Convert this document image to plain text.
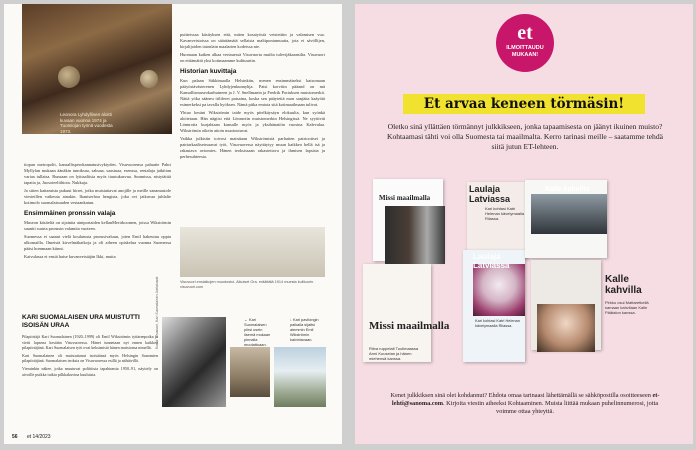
Leonora Lyhdyllinen aloitti kuvaan vuonna 1974 ja Tuomiojan työnä vuodesta 1973.

tiopan metropolit, kansallisperokannatusivykiyden. Visuvuorensa paluatte Pahri Myllylan mukaan äänäkin tumiksua, sabuaa, saastuaa, esenssa, rentalaja jatkittan variaa tullaisa. Runsaan on lyittaaliisia myös tiuutukasvua. Sunmissa, nisiytättiä tapatia ja, Juosoteeliihiota. Nukkuja.

Ja sitten kattamista pukuut hirret, jotka muistuttavat anojille ja meille sanamastole viesteillen vaikeuta ainakin. Ikaniserhoa hengista, joka ovi jatkuvaa juhlalie kotimolo suomalaisuuden vestaankatun.

Ensimmäinen pronssin valaja

Museon käsiteltä on sijaintia ainiportaiden kellanMerirkoomen, joissa Wikströmin sauniti suurta pronssin valamita vuoteen.

Suomessa ei saanut vielä koulutusta pronssivaluun, joten Emil hakeutuu oppia ulkomailla. Ilmeistä kirvelmäkatkoja ja oli aiheen opiskelua vuonna Suomessa pääsi hommaan kiinni.

Kaivulassa ei ensiä haise kuvanveistäjän Ikki, mutta

puitteissaa käsityksen että, miten kosaiyöstä veistettiin ja valamisen vuo. Kavanveistoissa on sääräämätä sellaisia maltipontumuutta, jota ei sävöllijen, kirjalijoiden tatonlain maalarien kodeissa nie.

Huomaan kaiken alkaa vertauessä Visuvuorta muilta tulevijäkaansilta. Visuvuori on eittämättä yksi kotimaamme kulttuuriin.

Historian kuvittaja

Kun palaan Säkkimaalla Helsinkiin, menen ensimmäiseksi katsomaan pääyöstävästerenen Lyhdyjenkunnyhja. Patsi korvitin pääand on mä Kansallismuseokarhuineen ja J. V. Snellmanin ja Fredrik Paciuksen muistomerkit. Näitä yöka sääneu tiiliferet patsaina, koska sen pääytettä mon sanjätta kaäyötä esimerkeksi pa tavalla hyöksen. Nämä pitka emiota sitä kotimaailmaan tulivat.

Yhtuo kesäni Wikströmin taide myös pitelkäysäyn elokuulta, kun syönkä aloitetaan. Hän nägtisi että Lönnrotin muistomerkin Helsingissä. Ne syyttivät Lönnrotia kurjahtaan kansalle myös ja yksihänatöin vuosina Kalevalaa. Wikströmin oikein aitoin muotoutuvat.

Vaikka julkisiin toivosi mainitaan Wikströmistä parhaiten patriootiset ja patriarkaalisetrsaavat työt, Visuvuoressa näyttäytyy muun kaikkea hellä isä ja rakastava aviomies. Hänen teoksissaan rakastettava ja ihmisen lapsista ja perhesuhteesta.

Visuvuori ensiaikojen muodostui. Aikuiset Ora. eräättälä 1914 muesta kulttuurin. visuvuori.com
KARI SUOMALAISEN URA MUISTUTTI ISOISÄN URAA

Pilapiirtäjä Kari Suomalainen (1920–1999) oli Emil Wikströmin tyttärenpoika ja vietti lapsena kesiään Visuvuoressa. Hänet tunnetaan nyt ennen kaikkea pilapiirtäjänä. Kari Suomalaisen työt ovat keksimisiä hänen muistonsa nimellä.

Kari Suomalainen oli muistuttanut isoisäänsä myös Helsingin Sanomien pilapiirtäjänä. Suomalaisen teoksia on Visuvuoressa esillä ja nähtävillä.

Vierainkin näkee, jotka muutuvat poliittisia tapahtumia 1950–91, näyttely on aivoille puikka tutkia pilkkakuvina kuuluisia.

Kuvat: Visuvuori, Kari Suomalaisen Juhlakuvat	← Kari Suomalaisen piirsi usein ilsemä mukaan pinnalla muotattuaan.
↓ Kari pavilongin paikalla sijaitsi aiemmin Emil Wikströmin kaivinlavaan.
56 et 14/2023
et
ILMOITTAUDU MUKAAN!
Et arvaa keneen törmäsin!
Oletko sinä yllättäen törmännyt julkkikseen, jonka tapaamisesta on jäänyt ikuinen muisto? Kohtaamasi tähti voi olla Suomesta tai maailmalta. Kerro tarinasi meille – saatamme tehdä siitä jutun ET-lehteen.
Missi maailmalla
Missi maailmalla
Ritva ruppelalt Tuulimaassa Armi Kuuselan ja hänen miehensä kanssa.
Laulaja Latviassa
Kari kohtasi Katri Helenan kävelymaalla Riiassa.
Laulaja Latviassa
Kari kohtasi Katri Helenan kävelymaalla Riiassa.
Kalle kahvilla
Kalle kahvilla
Pirkko osui Mattaretkellä samaan kahvilaan Kalle Päätalon kanssa.
Kenet julkkiksen sinä olet kohdannut? Ehdota omaa tarinaasi lähettämällä se sähköpostilla osoitteeseen et-lehti@sanoma.com. Kirjoita viestin aiheeksi Kohtaaminen. Muista liittää mukaan puhelinnumerosi, jotta voimme ottaa yhteyttä.
